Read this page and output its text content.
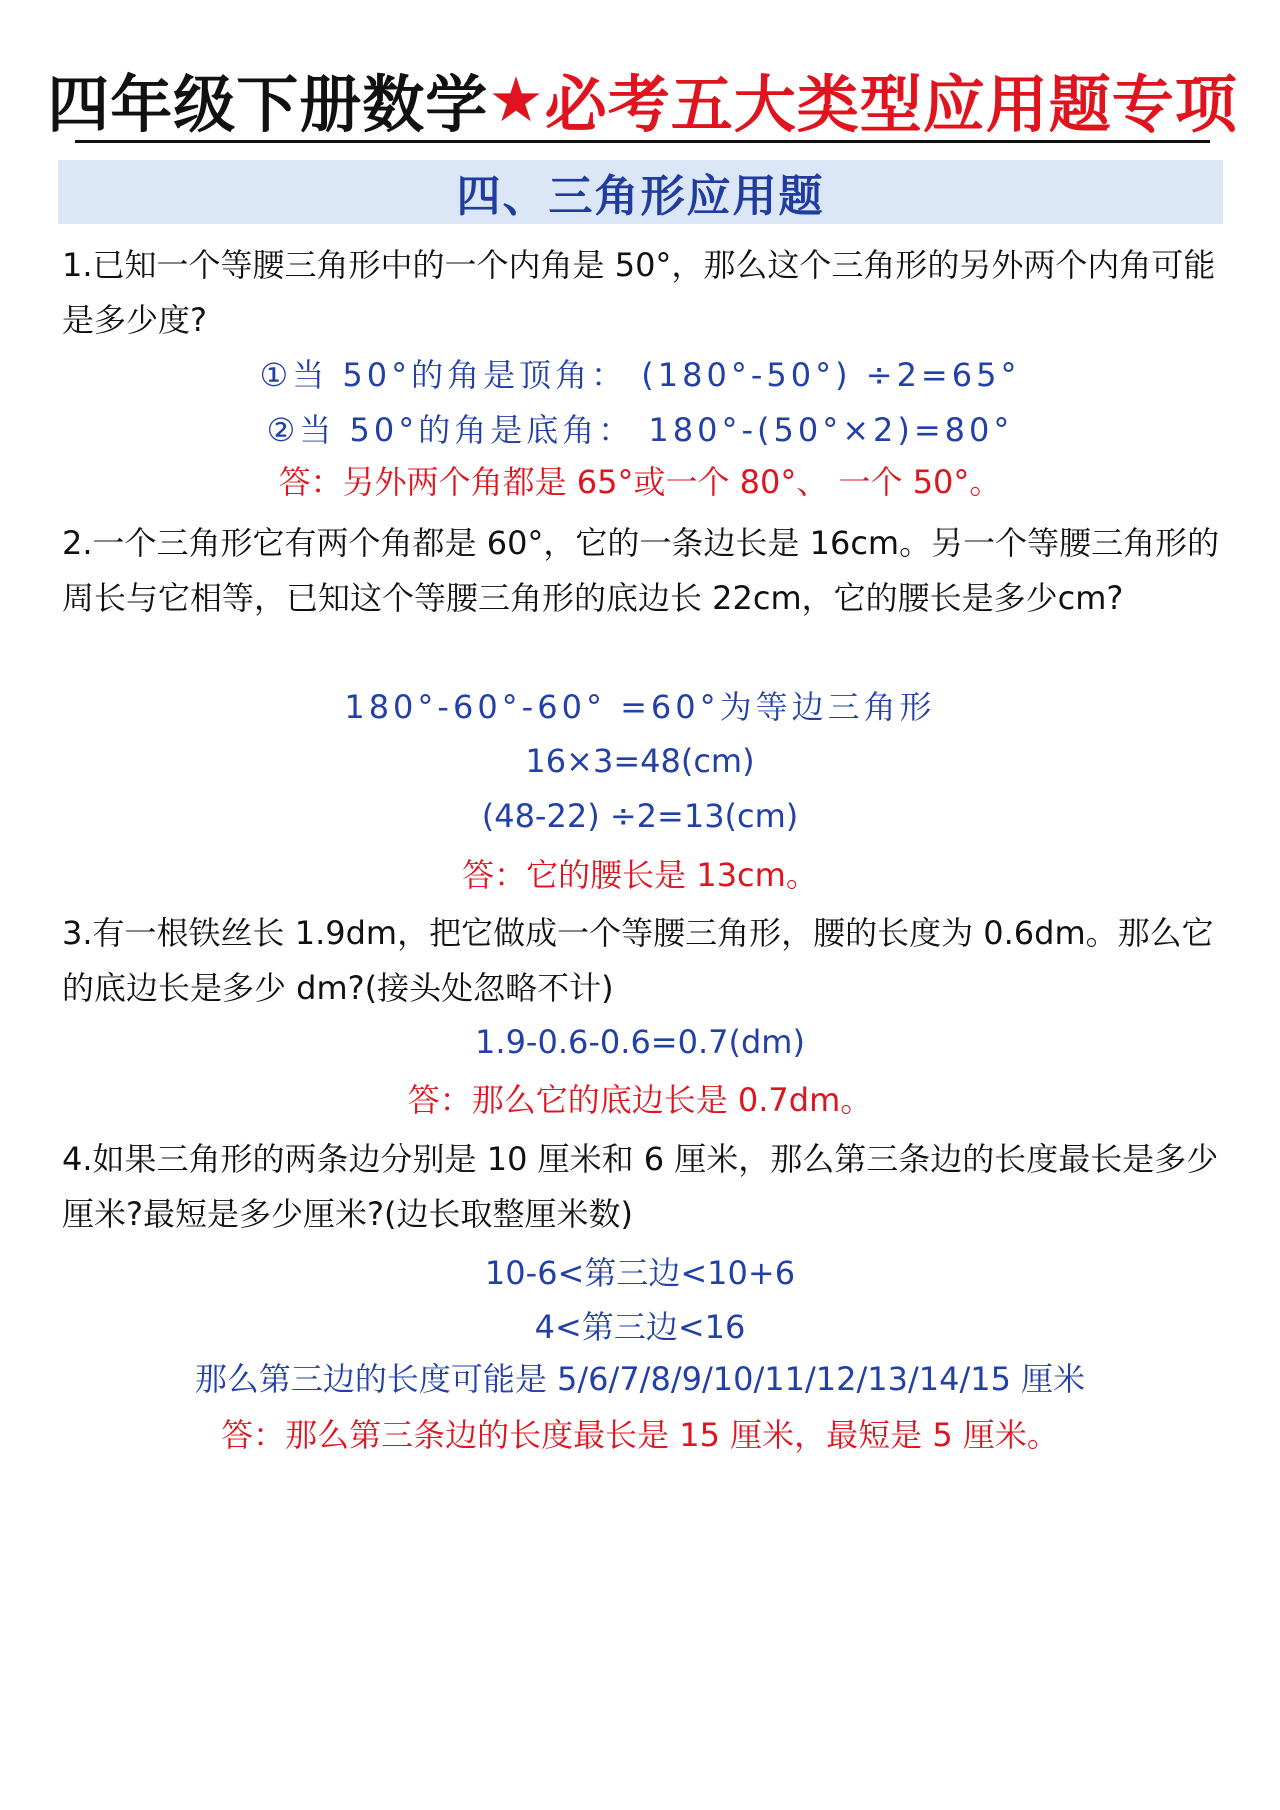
四年级下册数学 ★ 必考五大类型应用题专项
四、三角形应用题
1.已知一个等腰三角形中的一个内角是 50°，那么这个三角形的另外两个内角可能是多少度?
①当 50°的角是顶角： (180°-50°) ÷2=65°
②当 50°的角是底角： 180°-(50°×2)=80°
答：另外两个角都是 65°或一个 80°、 一个 50°。
2.一个三角形它有两个角都是 60°，它的一条边长是 16cm。另一个等腰三角形的周长与它相等，已知这个等腰三角形的底边长 22cm，它的腰长是多少cm?
180°-60°-60° =60°为等边三角形
16×3=48(cm)
(48-22) ÷2=13(cm)
答：它的腰长是 13cm。
3.有一根铁丝长 1.9dm，把它做成一个等腰三角形，腰的长度为 0.6dm。那么它的底边长是多少 dm?(接头处忽略不计)
1.9-0.6-0.6=0.7(dm)
答：那么它的底边长是 0.7dm。
4.如果三角形的两条边分别是 10 厘米和 6 厘米，那么第三条边的长度最长是多少厘米?最短是多少厘米?(边长取整厘米数)
10-6<第三边<10+6
4<第三边<16
那么第三边的长度可能是 5/6/7/8/9/10/11/12/13/14/15 厘米
答：那么第三条边的长度最长是 15 厘米，最短是 5 厘米。
